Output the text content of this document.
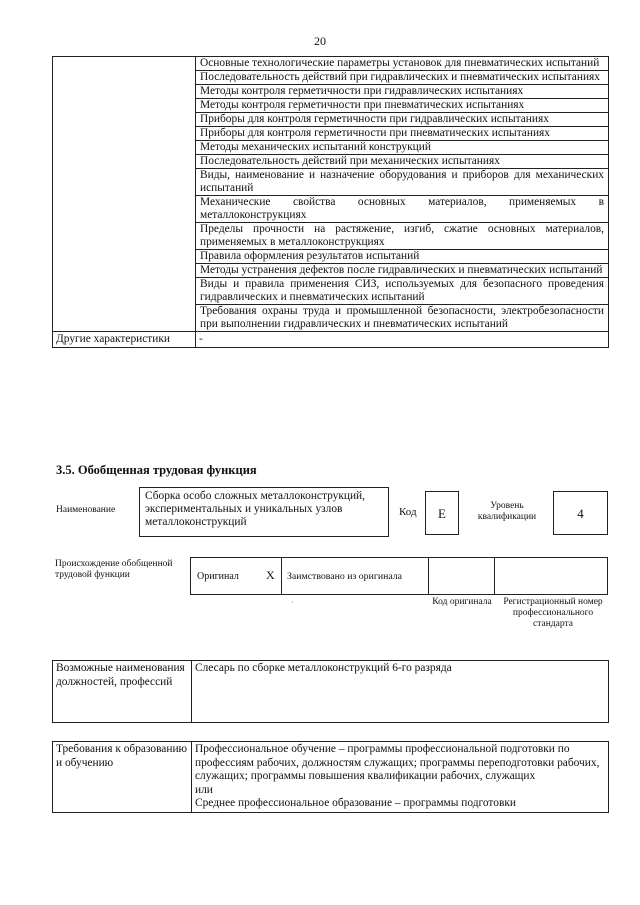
20
	Основные технологические параметры установок для пневматических испытаний
	Последовательность действий при гидравлических и пневматических испытаниях
	Методы контроля герметичности при гидравлических испытаниях
	Методы контроля герметичности при пневматических испытаниях
	Приборы для контроля герметичности при гидравлических испытаниях
	Приборы для контроля герметичности при пневматических испытаниях
	Методы механических испытаний конструкций
	Последовательность действий при механических испытаниях
	Виды, наименование и назначение оборудования и приборов для механических испытаний
	Механические свойства основных материалов, применяемых в металлоконструкциях
	Пределы прочности на растяжение, изгиб, сжатие основных материалов, применяемых в металлоконструкциях
	Правила оформления результатов испытаний
	Методы устранения дефектов после гидравлических и пневматических испытаний
	Виды и правила применения СИЗ, используемых для безопасного проведения гидравлических и пневматических испытаний
	Требования охраны труда и промышленной безопасности, электробезопасности при выполнении гидравлических и пневматических испытаний
Другие характеристики	-
3.5. Обобщенная трудовая функция
Наименование
Сборка особо сложных металлоконструкций, экспериментальных и уникальных узлов металлоконструкций
Код	E	Уровень квалификации	4
Происхождение обобщенной трудовой функции	Оригинал X Заимствовано из оригинала
·	Код оригинала	Регистрационный номер профессионального стандарта
Возможные наименования должностей, профессий	Слесарь по сборке металлоконструкций 6-го разряда
Требования к образованию и обучению	
Профессиональное обучение – программы профессиональной подготовки по профессиям рабочих, должностям служащих; программы переподготовки рабочих, служащих; программы повышения квалификации рабочих, служащих
или
Среднее профессиональное образование – программы подготовки
